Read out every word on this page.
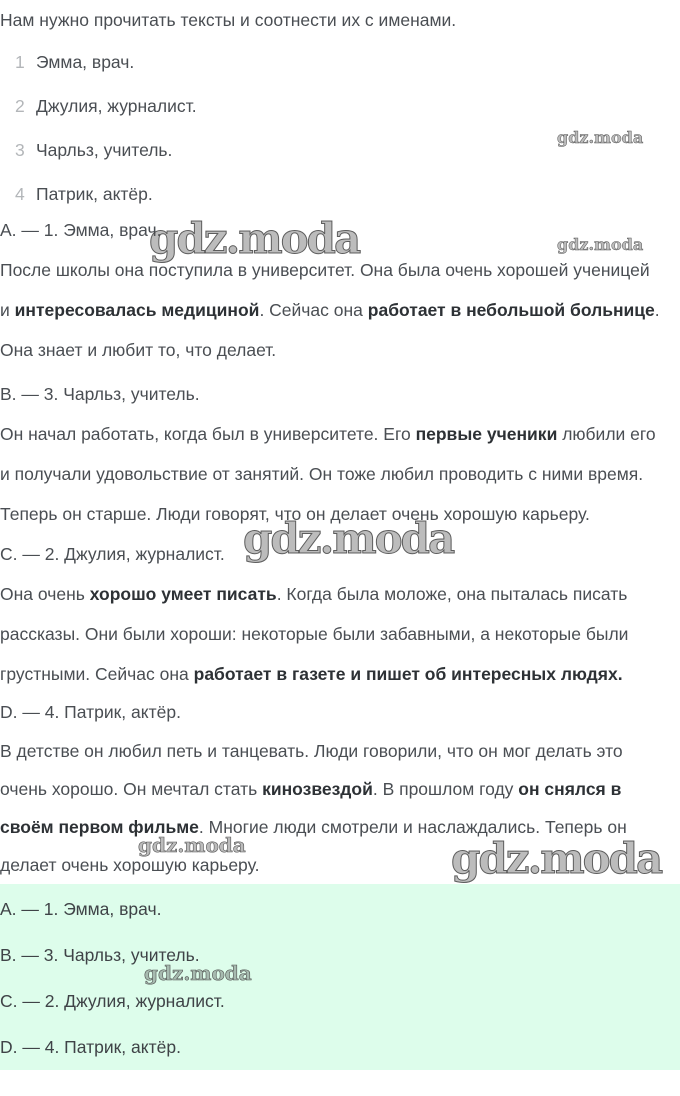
Нам нужно прочитать тексты и соотнести их с именами.
1 Эмма, врач.
2 Джулия, журналист.
3 Чарльз, учитель.
4 Патрик, актёр.
A. — 1. Эмма, врач.
После школы она поступила в университет. Она была очень хорошей ученицей
и интересовалась медициной. Сейчас она работает в небольшой больнице.
Она знает и любит то, что делает.
B. — 3. Чарльз, учитель.
Он начал работать, когда был в университете. Его первые ученики любили его
и получали удовольствие от занятий. Он тоже любил проводить с ними время.
Теперь он старше. Люди говорят, что он делает очень хорошую карьеру.
C. — 2. Джулия, журналист.
Она очень хорошо умеет писать. Когда была моложе, она пыталась писать
рассказы. Они были хороши: некоторые были забавными, а некоторые были
грустными. Сейчас она работает в газете и пишет об интересных людях.
D. — 4. Патрик, актёр.
В детстве он любил петь и танцевать. Люди говорили, что он мог делать это
очень хорошо. Он мечтал стать кинозвездой. В прошлом году он снялся в
своём первом фильме. Многие люди смотрели и наслаждались. Теперь он
делает очень хорошую карьеру.
A. — 1. Эмма, врач.
B. — 3. Чарльз, учитель.
C. — 2. Джулия, журналист.
D. — 4. Патрик, актёр.
gdz.moda
gdz.moda	gdz.moda
gdz.moda
gdz.moda	gdz.moda
gdz.moda
